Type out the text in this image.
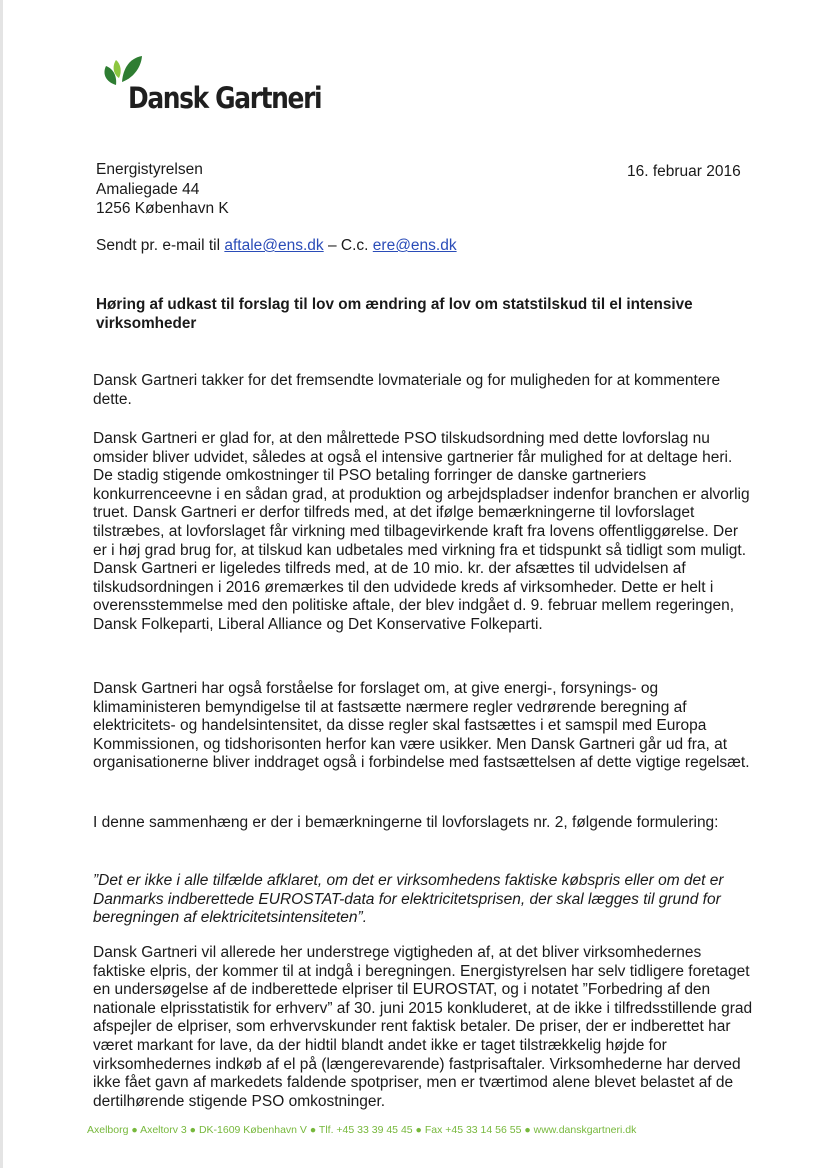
Dansk Gartneri
Energistyrelsen
Amaliegade 44
1256 København K
16. februar 2016
Sendt pr. e-mail til aftale@ens.dk – C.c. ere@ens.dk
Høring af udkast til forslag til lov om ændring af lov om statstilskud til el intensive virksomheder

Dansk Gartneri takker for det fremsendte lovmateriale og for muligheden for at kommentere dette.

Dansk Gartneri er glad for, at den målrettede PSO tilskudsordning med dette lovforslag nu omsider bliver udvidet, således at også el intensive gartnerier får mulighed for at deltage heri. De stadig stigende omkostninger til PSO betaling forringer de danske gartneriers konkurrenceevne i en sådan grad, at produktion og arbejdspladser indenfor branchen er alvorlig truet. Dansk Gartneri er derfor tilfreds med, at det ifølge bemærkningerne til lovforslaget tilstræbes, at lovforslaget får virkning med tilbagevirkende kraft fra lovens offentliggørelse. Der er i høj grad brug for, at tilskud kan udbetales med virkning fra et tidspunkt så tidligt som muligt. Dansk Gartneri er ligeledes tilfreds med, at de 10 mio. kr. der afsættes til udvidelsen af tilskudsordningen i 2016 øremærkes til den udvidede kreds af virksomheder. Dette er helt i overensstemmelse med den politiske aftale, der blev indgået d. 9. februar mellem regeringen, Dansk Folkeparti, Liberal Alliance og Det Konservative Folkeparti.

Dansk Gartneri har også forståelse for forslaget om, at give energi-, forsynings- og klimaministeren bemyndigelse til at fastsætte nærmere regler vedrørende beregning af elektricitets- og handelsintensitet, da disse regler skal fastsættes i et samspil med Europa Kommissionen, og tidshorisonten herfor kan være usikker. Men Dansk Gartneri går ud fra, at organisationerne bliver inddraget også i forbindelse med fastsættelsen af dette vigtige regelsæt.

I denne sammenhæng er der i bemærkningerne til lovforslagets nr. 2, følgende formulering:

”Det er ikke i alle tilfælde afklaret, om det er virksomhedens faktiske købspris eller om det er Danmarks indberettede EUROSTAT-data for elektricitetsprisen, der skal lægges til grund for beregningen af elektricitetsintensiteten”.

Dansk Gartneri vil allerede her understrege vigtigheden af, at det bliver virksomhedernes faktiske elpris, der kommer til at indgå i beregningen. Energistyrelsen har selv tidligere foretaget en undersøgelse af de indberettede elpriser til EUROSTAT, og i notatet ”Forbedring af den nationale elprisstatistik for erhverv” af 30. juni 2015 konkluderet, at de ikke i tilfredsstillende grad afspejler de elpriser, som erhvervskunder rent faktisk betaler. De priser, der er indberettet har været markant for lave, da der hidtil blandt andet ikke er taget tilstrækkelig højde for virksomhedernes indkøb af el på (længerevarende) fastprisaftaler. Virksomhederne har derved ikke fået gavn af markedets faldende spotpriser, men er tværtimod alene blevet belastet af de dertilhørende stigende PSO omkostninger.

Axelborg ● Axeltorv 3 ● DK-1609 København V ● Tlf. +45 33 39 45 45 ● Fax +45 33 14 56 55 ● www.danskgartneri.dk
